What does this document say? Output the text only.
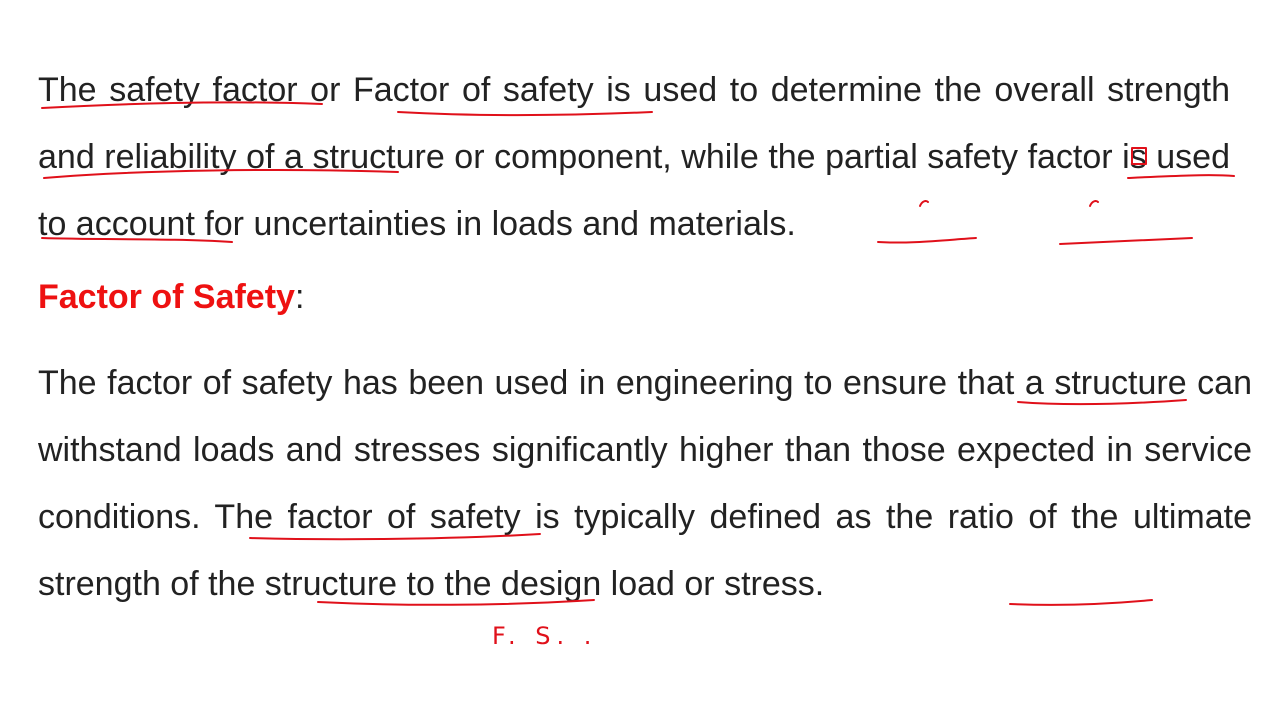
The safety factor or Factor of safety is used to determine the overall strength and reliability of a structure or component, while the partial safety factor is used to account for uncertainties in loads and materials.

Factor of Safety:

The factor of safety has been used in engineering to ensure that a structure can withstand loads and stresses significantly higher than those expected in service conditions. The factor of safety is typically defined as the ratio of the ultimate strength of the structure to the design load or stress.

F. S. .
